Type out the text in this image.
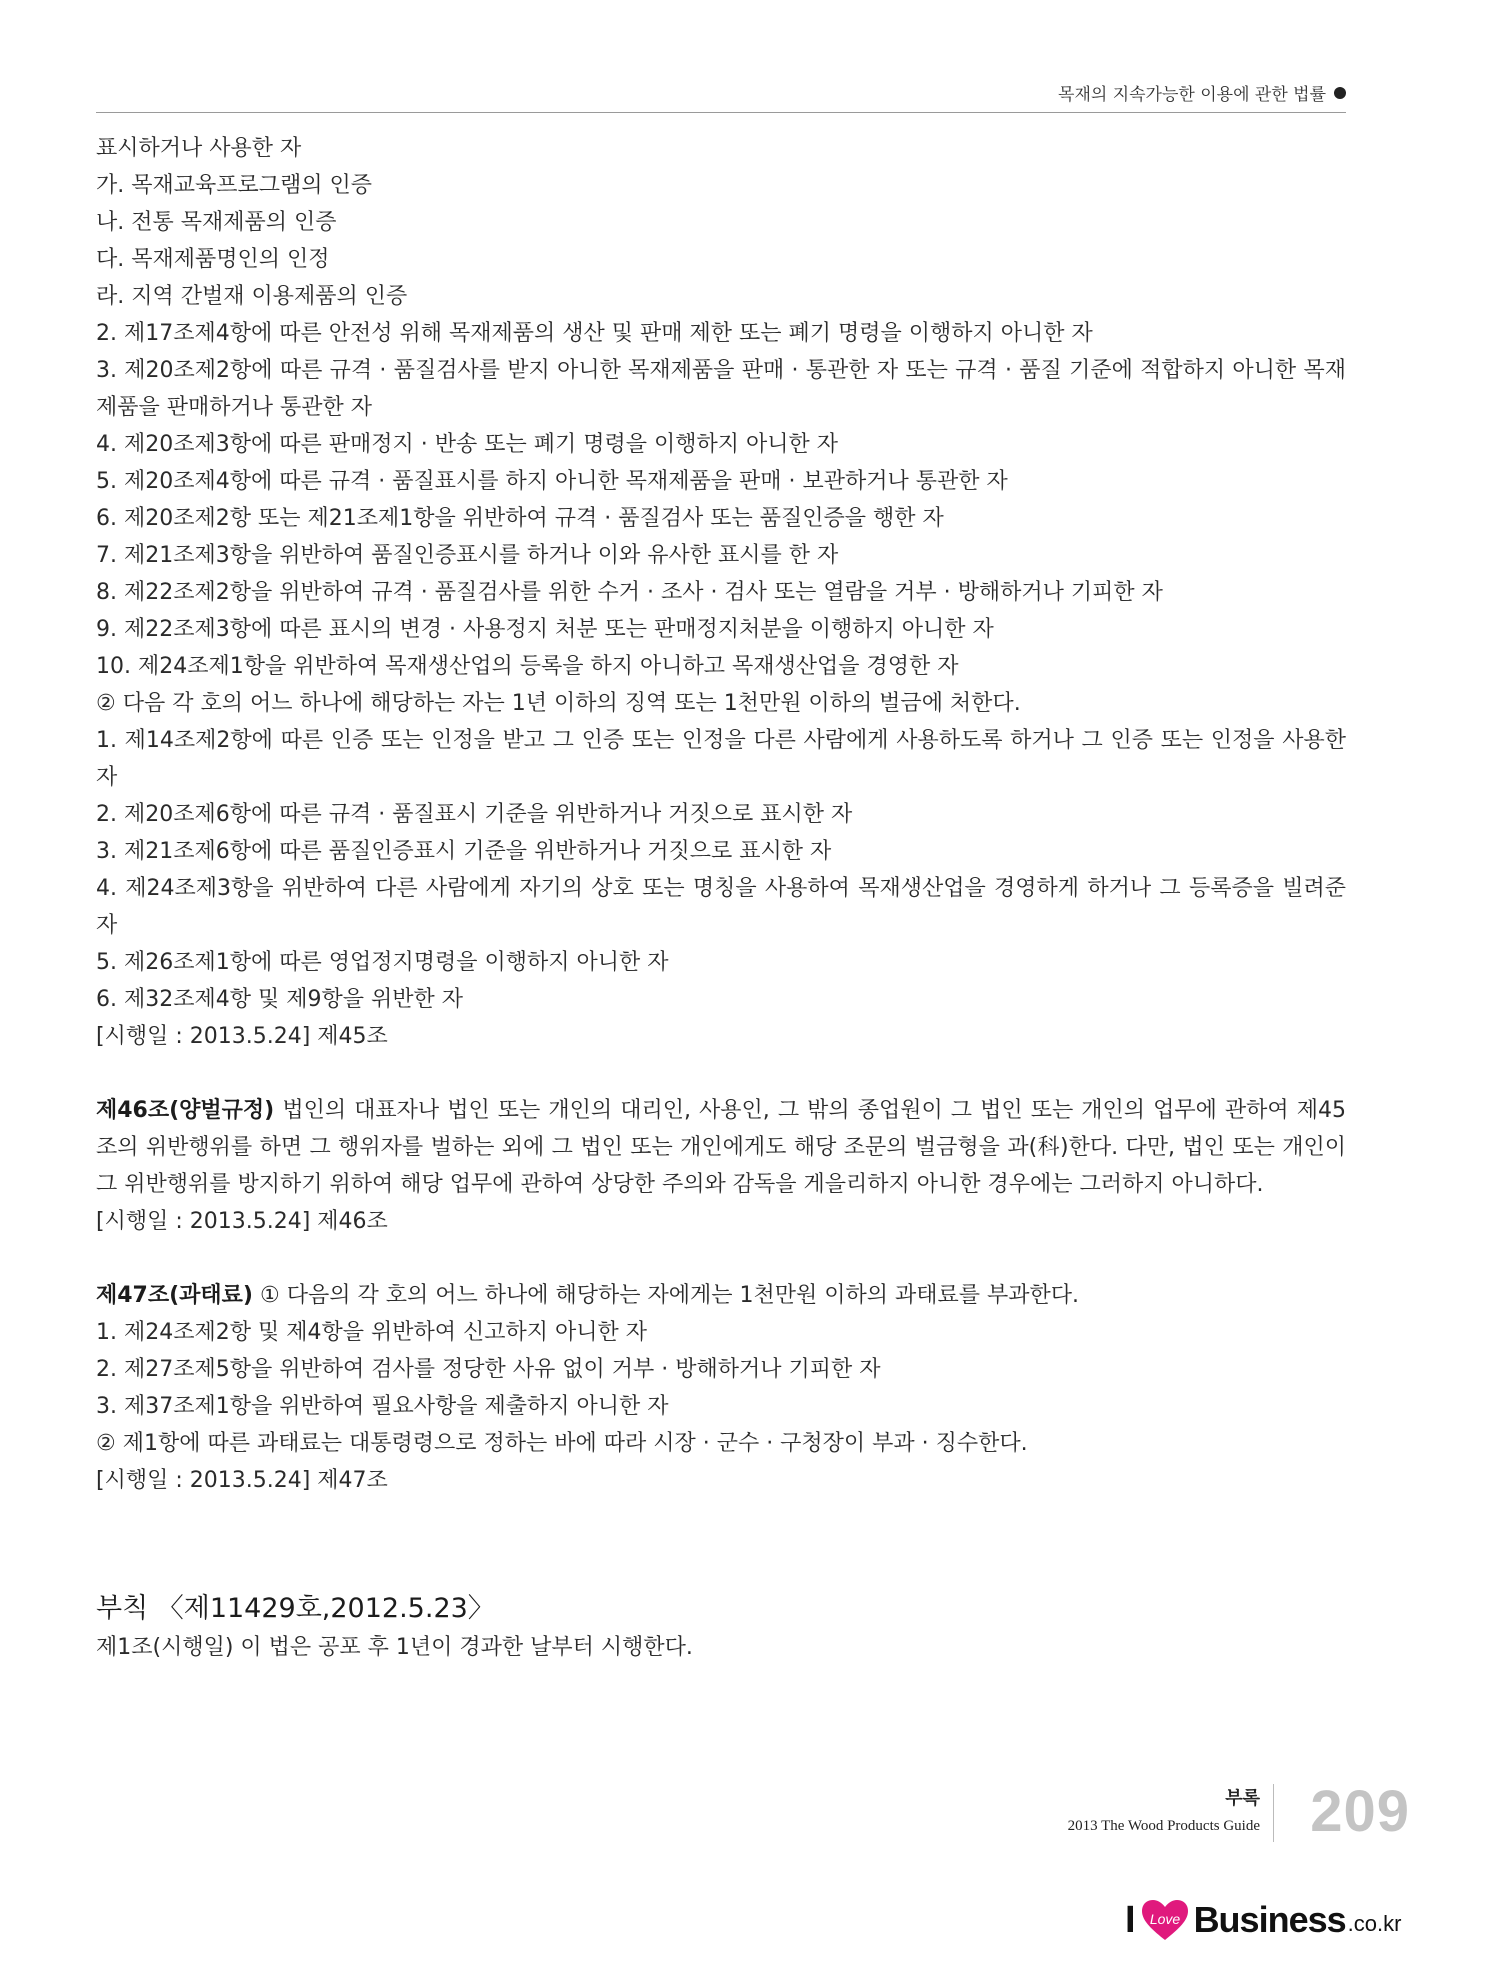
목재의 지속가능한 이용에 관한 법률

표시하거나 사용한 자

가. 목재교육프로그램의 인증

나. 전통 목재제품의 인증

다. 목재제품명인의 인정

라. 지역 간벌재 이용제품의 인증

2. 제17조제4항에 따른 안전성 위해 목재제품의 생산 및 판매 제한 또는 폐기 명령을 이행하지 아니한 자

3. 제20조제2항에 따른 규격 · 품질검사를 받지 아니한 목재제품을 판매 · 통관한 자 또는 규격 · 품질 기준에 적합하지 아니한 목재제품을 판매하거나 통관한 자

4. 제20조제3항에 따른 판매정지 · 반송 또는 폐기 명령을 이행하지 아니한 자

5. 제20조제4항에 따른 규격 · 품질표시를 하지 아니한 목재제품을 판매 · 보관하거나 통관한 자

6. 제20조제2항 또는 제21조제1항을 위반하여 규격 · 품질검사 또는 품질인증을 행한 자

7. 제21조제3항을 위반하여 품질인증표시를 하거나 이와 유사한 표시를 한 자

8. 제22조제2항을 위반하여 규격 · 품질검사를 위한 수거 · 조사 · 검사 또는 열람을 거부 · 방해하거나 기피한 자

9. 제22조제3항에 따른 표시의 변경 · 사용정지 처분 또는 판매정지처분을 이행하지 아니한 자

10. 제24조제1항을 위반하여 목재생산업의 등록을 하지 아니하고 목재생산업을 경영한 자

② 다음 각 호의 어느 하나에 해당하는 자는 1년 이하의 징역 또는 1천만원 이하의 벌금에 처한다.

1. 제14조제2항에 따른 인증 또는 인정을 받고 그 인증 또는 인정을 다른 사람에게 사용하도록 하거나 그 인증 또는 인정을 사용한 자

2. 제20조제6항에 따른 규격 · 품질표시 기준을 위반하거나 거짓으로 표시한 자

3. 제21조제6항에 따른 품질인증표시 기준을 위반하거나 거짓으로 표시한 자

4. 제24조제3항을 위반하여 다른 사람에게 자기의 상호 또는 명칭을 사용하여 목재생산업을 경영하게 하거나 그 등록증을 빌려준 자

5. 제26조제1항에 따른 영업정지명령을 이행하지 아니한 자

6. 제32조제4항 및 제9항을 위반한 자

[시행일 : 2013.5.24] 제45조

제46조(양벌규정) 법인의 대표자나 법인 또는 개인의 대리인, 사용인, 그 밖의 종업원이 그 법인 또는 개인의 업무에 관하여 제45조의 위반행위를 하면 그 행위자를 벌하는 외에 그 법인 또는 개인에게도 해당 조문의 벌금형을 과(科)한다. 다만, 법인 또는 개인이 그 위반행위를 방지하기 위하여 해당 업무에 관하여 상당한 주의와 감독을 게을리하지 아니한 경우에는 그러하지 아니하다.

[시행일 : 2013.5.24] 제46조

제47조(과태료) ① 다음의 각 호의 어느 하나에 해당하는 자에게는 1천만원 이하의 과태료를 부과한다.

1. 제24조제2항 및 제4항을 위반하여 신고하지 아니한 자

2. 제27조제5항을 위반하여 검사를 정당한 사유 없이 거부 · 방해하거나 기피한 자

3. 제37조제1항을 위반하여 필요사항을 제출하지 아니한 자

② 제1항에 따른 과태료는 대통령령으로 정하는 바에 따라 시장 · 군수 · 구청장이 부과 · 징수한다.

[시행일 : 2013.5.24] 제47조

부칙 〈제11429호,2012.5.23〉

제1조(시행일) 이 법은 공포 후 1년이 경과한 날부터 시행한다.

부록
2013 The Wood Products Guide 209
I Love Business .co.kr
